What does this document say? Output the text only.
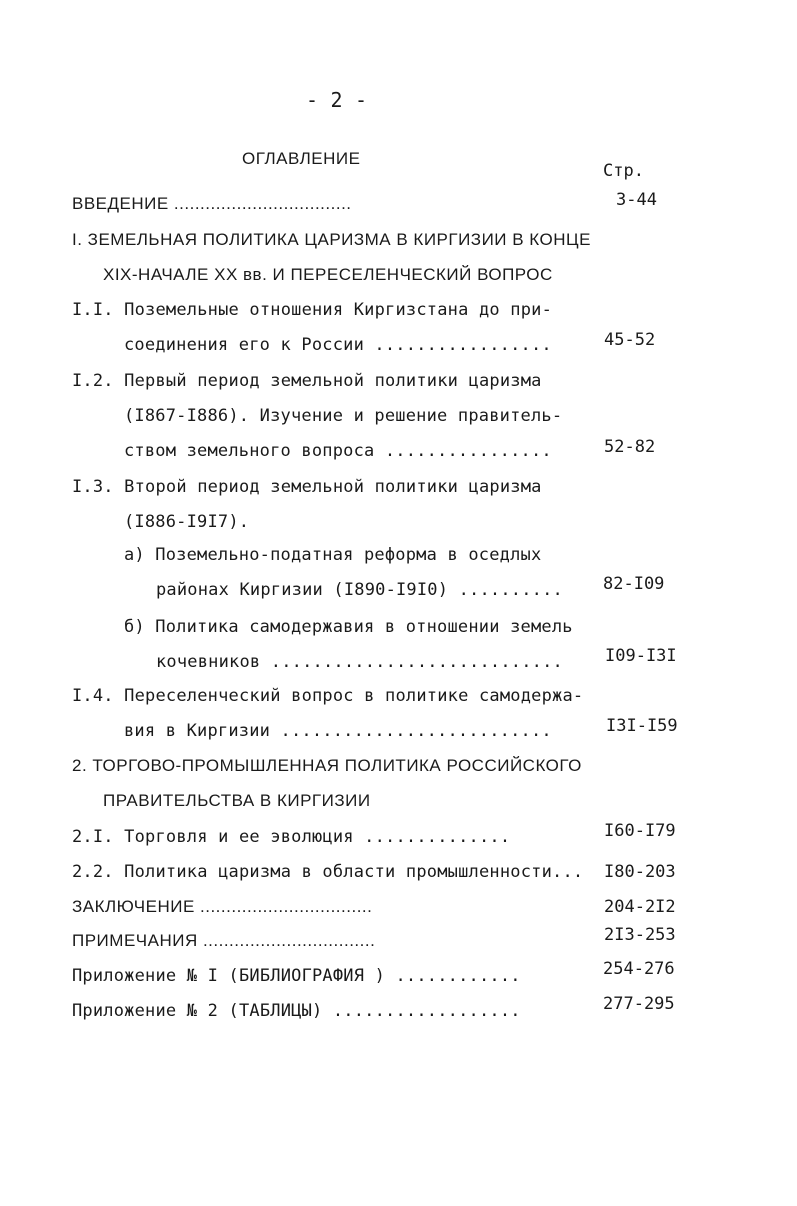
- 2 -
ОГЛАВЛЕНИЕ
Стр.
ВВЕДЕНИЕ ..................................	3-44
I. ЗЕМЕЛЬНАЯ ПОЛИТИКА ЦАРИЗМА В КИРГИЗИИ В КОНЦЕ
XIX-НАЧАЛЕ XX вв. И ПЕРЕСЕЛЕНЧЕСКИЙ ВОПРОС
I.I. Поземельные отношения Киргизстана до при-
соединения его к России .................	45-52
I.2. Первый период земельной политики царизма
(I867-I886). Изучение и решение правитель-
ством земельного вопроса ................	52-82
I.3. Второй период земельной политики царизма
(I886-I9I7).
а) Поземельно-податная реформа в оседлых
районах Киргизии (I890-I9I0) .......... 82-I09
б) Политика самодержавия в отношении земель
кочевников ............................ I09-I3I
I.4. Переселенческий вопрос в политике самодержа-
вия в Киргизии ..........................	I3I-I59
2. ТОРГОВО-ПРОМЫШЛЕННАЯ ПОЛИТИКА РОССИЙСКОГО
ПРАВИТЕЛЬСТВА В КИРГИЗИИ
2.I. Торговля и ее эволюция ..............	I60-I79
2.2. Политика царизма в области промышленности... I80-203
ЗАКЛЮЧЕНИЕ .................................	204-2I2
ПРИМЕЧАНИЯ .................................	2I3-253
Приложение № I (БИБЛИОГРАФИЯ ) ............	254-276
Приложение № 2 (ТАБЛИЦЫ) ..................	277-295
